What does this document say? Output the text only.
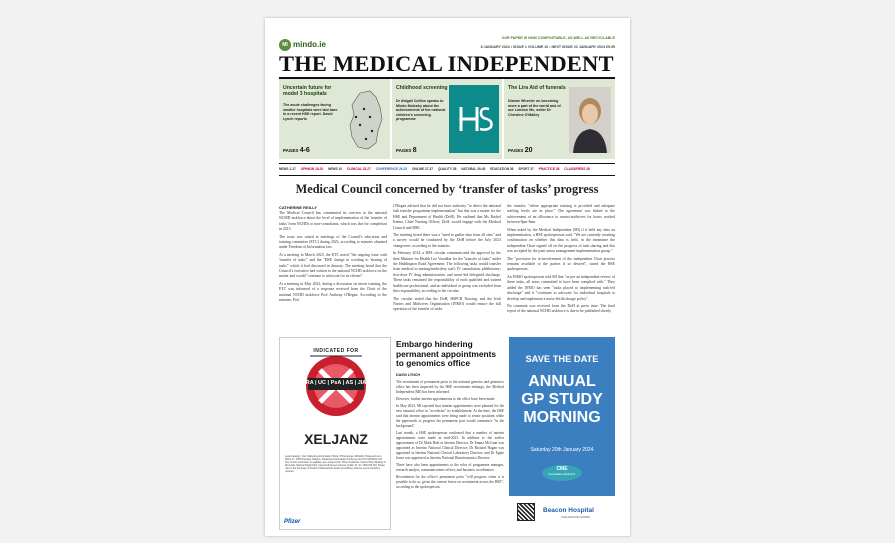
MI mindo.ie
OUR PAPER IS NOW COMPOSTABLE, AS WELL AS RECYCLABLE
8 JANUARY 2024 • ISSUE 1 VOLUME 10 • NEXT ISSUE 22 JANUARY 2024 €5.95
THE MEDICAL INDEPENDENT
Uncertain future for model 3 hospitals

The acute challenges facing smaller hospitals were laid bare in a recent HSE report. David Lynch reports

PAGES 4-6
Childhood screening

Dr Abigail Collins speaks to Mindo Mulcahy about the achievements of the national children's screening programme

PAGES 8
The Lira Aid of funerals

Dianne Wheeler on becoming more a part of the world and of our London life, writer Dr Christine O'Malley

PAGES 20
NEWS 2-17 OPINION 18-20 NEWS 10 CLINICAL 23-27 CONFERENCE 26-29 ONLINE 27-37 QUALITY 38 NATURAL 39-40 EDUCATION 36 SPORT 37 PRACTICE 38 CLASSIFIEDS 38
Medical Council concerned by ‘transfer of tasks’ progress
CATHERINE REILLY

The Medical Council has commented its concern to the national NCMD taskforce about the level of implementation of the 'transfer of tasks' from NCHDs to non-consultants, which was due for completion in 2015.

The issue was raised at meetings of the Council's education and training committee (ETC) during 2023, according to minutes obtained under Freedom of Information law.

At a meeting in March 2023, the ETC noted "the ongoing issue with 'transfer of tasks'" and the "HSE change in wording to 'sharing of tasks'" which it had discussed in January. The meeting heard that the Council's executive had written to the national NCHD taskforce on the matter and would "continue to advocate for its release".

At a meeting in May 2023, during a discussion on intern training, the ETC was informed of a response received from the Chair of the national NCHD taskforce Prof Anthony O'Regan. According to the minutes, Prof

O'Regan advised that he did not have authority "to direct the national task transfer programme implementation" but this was a matter for the HSE and Department of Health (DoH). He outlined that Ms Rachel Kenna, Chief Nursing Officer, DoH, would engage with the Medical Council and HSE.

The meeting heard there was a "need to gather data from all sites" and a survey would be conducted by the DoH before the July 2023 changeover, according to the minutes.

In February 2014, a HSE circular communicated the approval by the then Minister for Health Leo Varadkar for the "transfer of tasks" under the Haddington Road Agreement. The following tasks would transfer from medical to nursing/midwifery staff: IV cannulation; phlebotomy; first-dose IV drug administration; and nurse-led delegated discharge. These tasks remained the responsibility of each qualified and trained healthcare professional, and no individual or group was excluded from this responsibility, according to the circular.

The circular stated that the DoH, HSPCR Nursing, and the Irish Nurses and Midwives Organisation (INMO) would ensure the full operation of the transfer of tasks

the transfer, "where appropriate training is provided and adequate staffing levels are in place." The agreement was linked to the achievement of an allowance to nurses/midwives for hours worked between 8pm-8am.

When asked by the Medical Independent (MI) if it held any data on implementation, a HSE spokesperson said: "We are currently awaiting confirmation on whether this data is held, in the meantime the independent Chair signed off on the progress of task sharing and this was accepted by the joint union management implementation group."

The "provision for re-involvement of the independent Chair process remains available to the parties if so desired", stated the HSE spokesperson.

An INMO spokesperson told MI that "as per an independent review of these tasks, all areas committed to have been complied with." They added the INMO has seen "tasks placed to implementing task-led discharge" and it "continues to advocate for individual hospitals to develop and implement a nurse-led discharge policy".

No comment was received from the DoH at press time. The final report of the national NCHD taskforce is due to be published shortly.

INDICATED FOR
RA | UC | PsA | AS | JIA
XELJANZ
Legal Category: S1A. Marketing Authorisation Holder: Pfizer Europe MA EEIG, Boulevard de la Plaine 17, 1050 Bruxelles, Belgium. Marketing Authorisation Number(s): EU/1/17/1178/003, 007, 014. Further information is available upon request from: Pfizer Healthcare Ireland, Pfizer Building 9, Riverwalk, National Digital Park, Citywest Business Campus, Dublin 24. Tel: 1800 633 363. Please refer to the Summary of Product Characteristics before prescribing. Adverse events should be reported.
Pfizer
Embargo hindering permanent appointments to genomics office
DAVID LYNCH

The recruitment of permanent posts to the national genetics and genomics office has been impacted by the HSE recruitment embargo, the Medical Independent (MI) has been informed.

However, further interim appointments to the office have been made.

In May 2023, MI reported that interim appointments were planned for the new national office in "accelerate" its establishment. At the time, the HSE said that interim appointments were being made to senior positions while the paperwork to progress the permanent post would commence "in the background".

Last month, a HSE spokesperson confirmed that a number of interim appointments were made in mid-2023. In addition to the earlier appointment of Dr Mark Bale as Interim Director, Dr Emma McCann was appointed as Interim National Clinical Director; Dr Richard Hagan was appointed as Interim National Clinical Laboratory Director; and Dr Eppie Jones was appointed as Interim National Bioinformatics Director.

There have also been appointments to the roles of programme manager, research analyst, communications officer, and business coordinators.

Recruitment for the office's permanent posts "will progress when it is possible to do so, given the current freeze on recruitment across the HSE", according to the spokesperson.

SAVE THE DATE
ANNUAL GP STUDY MORNING
Saturday 20th January 2024
CME
Accreditation Applied for
Beacon Hospital
CHALLENGING NORMS
